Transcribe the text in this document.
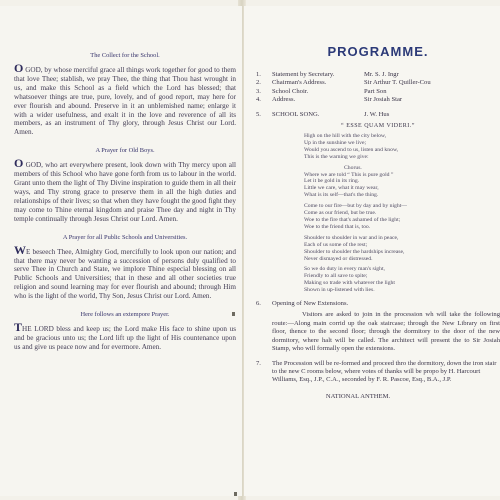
The Collect for the School.

O GOD, by whose merciful grace all things work together for good to them that love Thee; stablish, we pray Thee, the thing that Thou hast wrought in us, and make this School as a field which the Lord has blessed; that whatsoever things are true, pure, lovely, and of good report, may here for ever flourish and abound. Preserve in it an unblemished name; enlarge it with a wider usefulness, and exalt it in the love and reverence of all its members, as an instrument of Thy glory, through Jesus Christ our Lord. Amen.

A Prayer for Old Boys.

O GOD, who art everywhere present, look down with Thy mercy upon all members of this School who have gone forth from us to labour in the world. Grant unto them the light of Thy Divine inspiration to guide them in all their ways, and Thy strong grace to preserve them in all the high duties and relationships of their lives; so that when they have fought the good fight they may come to Thine eternal kingdom and praise Thee day and night in Thy temple continually through Jesus Christ our Lord. Amen.

A Prayer for all Public Schools and Universities.

WE beseech Thee, Almighty God, mercifully to look upon our nation; and that there may never be wanting a succession of persons duly qualified to serve Thee in Church and State, we implore Thine especial blessing on all Public Schools and Universities; that in these and all other societies true religion and sound learning may for ever flourish and abound; through Him who is the light of the world, Thy Son, Jesus Christ our Lord. Amen.

Here follows an extempore Prayer.

THE LORD bless and keep us; the Lord make His face to shine upon us and be gracious unto us; the Lord lift up the light of His countenance upon us and give us peace now and for evermore. Amen.

PROGRAMME.
1.	Statement by Secretary.	Mr. S. J. Ingr
2.	Chairman's Address.	Sir Arthur T. Quiller-Cou
3.	School Choir.	Part Son
4.	Address.	Sir Josiah Star
5.	SCHOOL SONG.	J. W. Hus
“ ESSE QUAM VIDERI.”
High on the hill with the city below,
Up in the sunshine we live;
Would you ascend to us, listen and know,
This is the warning we give:
Chorus.
Where we are told “ This is pure gold ”
Let it be gold in its ring.
Little we care, what it may wear,
What is its self—that's the thing.
Come to our fire—but by day and by night—
Come as our friend, but be true.
Woe to the fire that's ashamed of the light;
Woe to the friend that is, too.
Shoulder to shoulder in war and in peace,
Each of us some of the rest;
Shoulder to shoulder the hardships increase,
Never dismayed or distressed.
So we do duty in every man's sight,
Friendly to all save to spite;
Making so trade with whatever the light
Shown in up-listened with lies.
6.	Opening of New Extensions.
Visitors are asked to join in the procession wh will take the following route:—Along main corrid up the oak staircase; through the New Library on first floor, thence to the second floor; through the dormitory to the door of the new dormitory, where halt will be called. The architect will present the to Sir Josiah Stamp, who will formally open the extensions.
7.	The Procession will be re-formed and proceed thro the dormitory, down the iron stair to the new C rooms below, where votes of thanks will be propo by H. Harcourt Williams, Esq., J.P., C.A., seconded by F. R. Pascoe, Esq., B.A., J.P.
NATIONAL ANTHEM.
